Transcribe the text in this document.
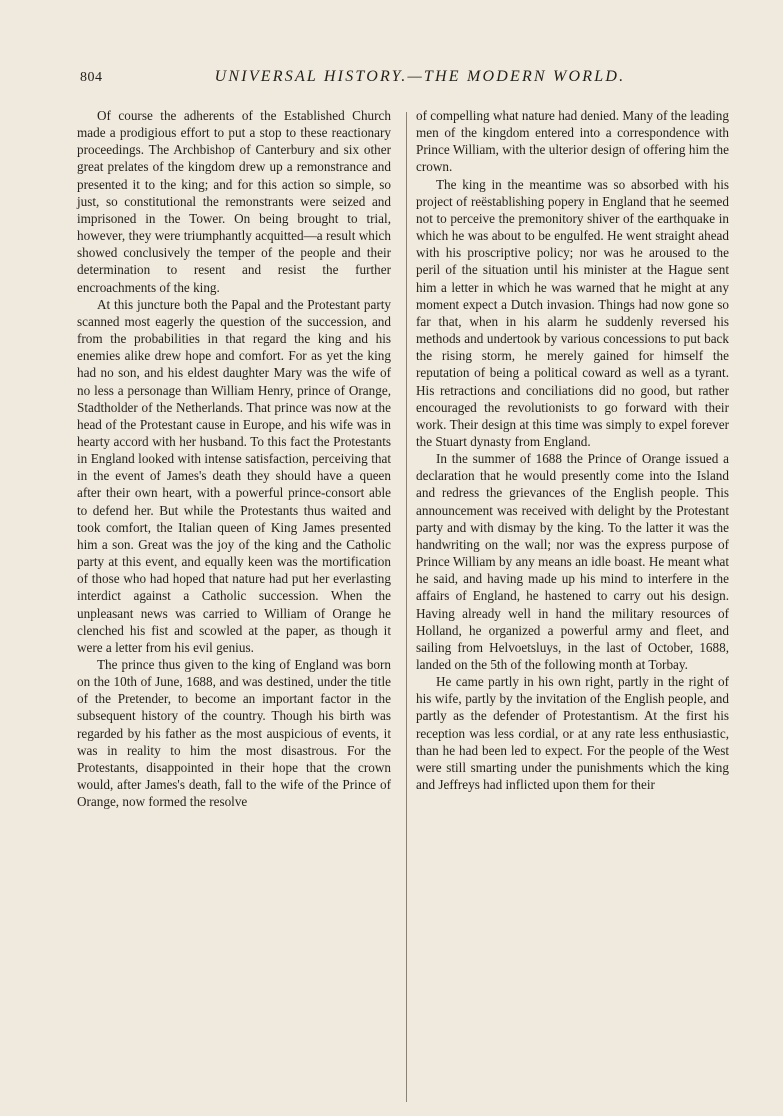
804	UNIVERSAL HISTORY.—THE MODERN WORLD.

Of course the adherents of the Established Church made a prodigious effort to put a stop to these reactionary proceedings. The Archbishop of Canterbury and six other great prelates of the kingdom drew up a remonstrance and presented it to the king; and for this action so simple, so just, so constitutional the remonstrants were seized and imprisoned in the Tower. On being brought to trial, however, they were triumphantly acquitted—a result which showed conclusively the temper of the people and their determination to resent and resist the further encroachments of the king.

At this juncture both the Papal and the Protestant party scanned most eagerly the question of the succession, and from the probabilities in that regard the king and his enemies alike drew hope and comfort. For as yet the king had no son, and his eldest daughter Mary was the wife of no less a personage than William Henry, prince of Orange, Stadtholder of the Netherlands. That prince was now at the head of the Protestant cause in Europe, and his wife was in hearty accord with her husband. To this fact the Protestants in England looked with intense satisfaction, perceiving that in the event of James's death they should have a queen after their own heart, with a powerful prince-consort able to defend her. But while the Protestants thus waited and took comfort, the Italian queen of King James presented him a son. Great was the joy of the king and the Catholic party at this event, and equally keen was the mortification of those who had hoped that nature had put her everlasting interdict against a Catholic succession. When the unpleasant news was carried to William of Orange he clenched his fist and scowled at the paper, as though it were a letter from his evil genius.

The prince thus given to the king of England was born on the 10th of June, 1688, and was destined, under the title of the Pretender, to become an important factor in the subsequent history of the country. Though his birth was regarded by his father as the most auspicious of events, it was in reality to him the most disastrous. For the Protestants, disappointed in their hope that the crown would, after James's death, fall to the wife of the Prince of Orange, now formed the resolve

of compelling what nature had denied. Many of the leading men of the kingdom entered into a correspondence with Prince William, with the ulterior design of offering him the crown.

The king in the meantime was so absorbed with his project of reëstablishing popery in England that he seemed not to perceive the premonitory shiver of the earthquake in which he was about to be engulfed. He went straight ahead with his proscriptive policy; nor was he aroused to the peril of the situation until his minister at the Hague sent him a letter in which he was warned that he might at any moment expect a Dutch invasion. Things had now gone so far that, when in his alarm he suddenly reversed his methods and undertook by various concessions to put back the rising storm, he merely gained for himself the reputation of being a political coward as well as a tyrant. His retractions and conciliations did no good, but rather encouraged the revolutionists to go forward with their work. Their design at this time was simply to expel forever the Stuart dynasty from England.

In the summer of 1688 the Prince of Orange issued a declaration that he would presently come into the Island and redress the grievances of the English people. This announcement was received with delight by the Protestant party and with dismay by the king. To the latter it was the handwriting on the wall; nor was the express purpose of Prince William by any means an idle boast. He meant what he said, and having made up his mind to interfere in the affairs of England, he hastened to carry out his design. Having already well in hand the military resources of Holland, he organized a powerful army and fleet, and sailing from Helvoetsluys, in the last of October, 1688, landed on the 5th of the following month at Torbay.

He came partly in his own right, partly in the right of his wife, partly by the invitation of the English people, and partly as the defender of Protestantism. At the first his reception was less cordial, or at any rate less enthusiastic, than he had been led to expect. For the people of the West were still smarting under the punishments which the king and Jeffreys had inflicted upon them for their
